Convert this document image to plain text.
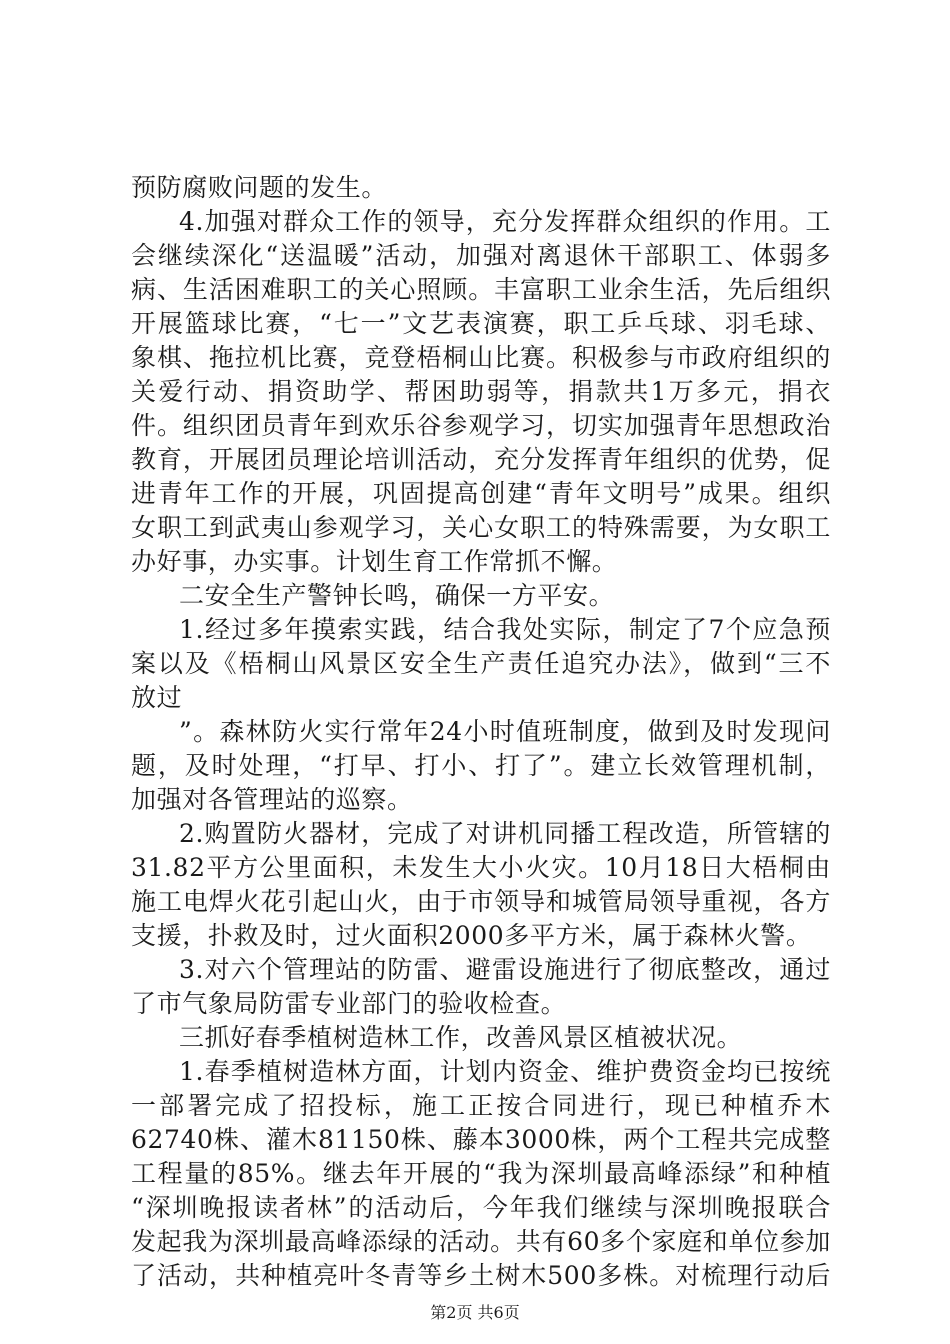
预防腐败问题的发生。
4.加强对群众工作的领导，充分发挥群众组织的作用。工
会继续深化“送温暖”活动，加强对离退休干部职工、体弱多
病、生活困难职工的关心照顾。丰富职工业余生活，先后组织
开展篮球比赛，“七一”文艺表演赛，职工乒乓球、羽毛球、
象棋、拖拉机比赛，竞登梧桐山比赛。积极参与市政府组织的
关爱行动、捐资助学、帮困助弱等，捐款共1万多元，捐衣
件。组织团员青年到欢乐谷参观学习，切实加强青年思想政治
教育，开展团员理论培训活动，充分发挥青年组织的优势，促
进青年工作的开展，巩固提高创建“青年文明号”成果。组织
女职工到武夷山参观学习，关心女职工的特殊需要，为女职工
办好事，办实事。计划生育工作常抓不懈。
二安全生产警钟长鸣，确保一方平安。
1.经过多年摸索实践，结合我处实际，制定了7个应急预
案以及《梧桐山风景区安全生产责任追究办法》，做到“三不
放过
”。森林防火实行常年24小时值班制度，做到及时发现问
题，及时处理，“打早、打小、打了”。建立长效管理机制，
加强对各管理站的巡察。
2.购置防火器材，完成了对讲机同播工程改造，所管辖的
31.82平方公里面积，未发生大小火灾。10月18日大梧桐由
施工电焊火花引起山火，由于市领导和城管局领导重视，各方
支援，扑救及时，过火面积2000多平方米，属于森林火警。
3.对六个管理站的防雷、避雷设施进行了彻底整改，通过
了市气象局防雷专业部门的验收检查。
三抓好春季植树造林工作，改善风景区植被状况。
1.春季植树造林方面，计划内资金、维护费资金均已按统
一部署完成了招投标，施工正按合同进行，现已种植乔木
62740株、灌木81150株、藤本3000株，两个工程共完成整
工程量的85%。继去年开展的“我为深圳最高峰添绿”和种植
“深圳晚报读者林”的活动后，今年我们继续与深圳晚报联合
发起我为深圳最高峰添绿的活动。共有60多个家庭和单位参加
了活动，共种植亮叶冬青等乡土树木500多株。对梳理行动后
第2页 共6页
